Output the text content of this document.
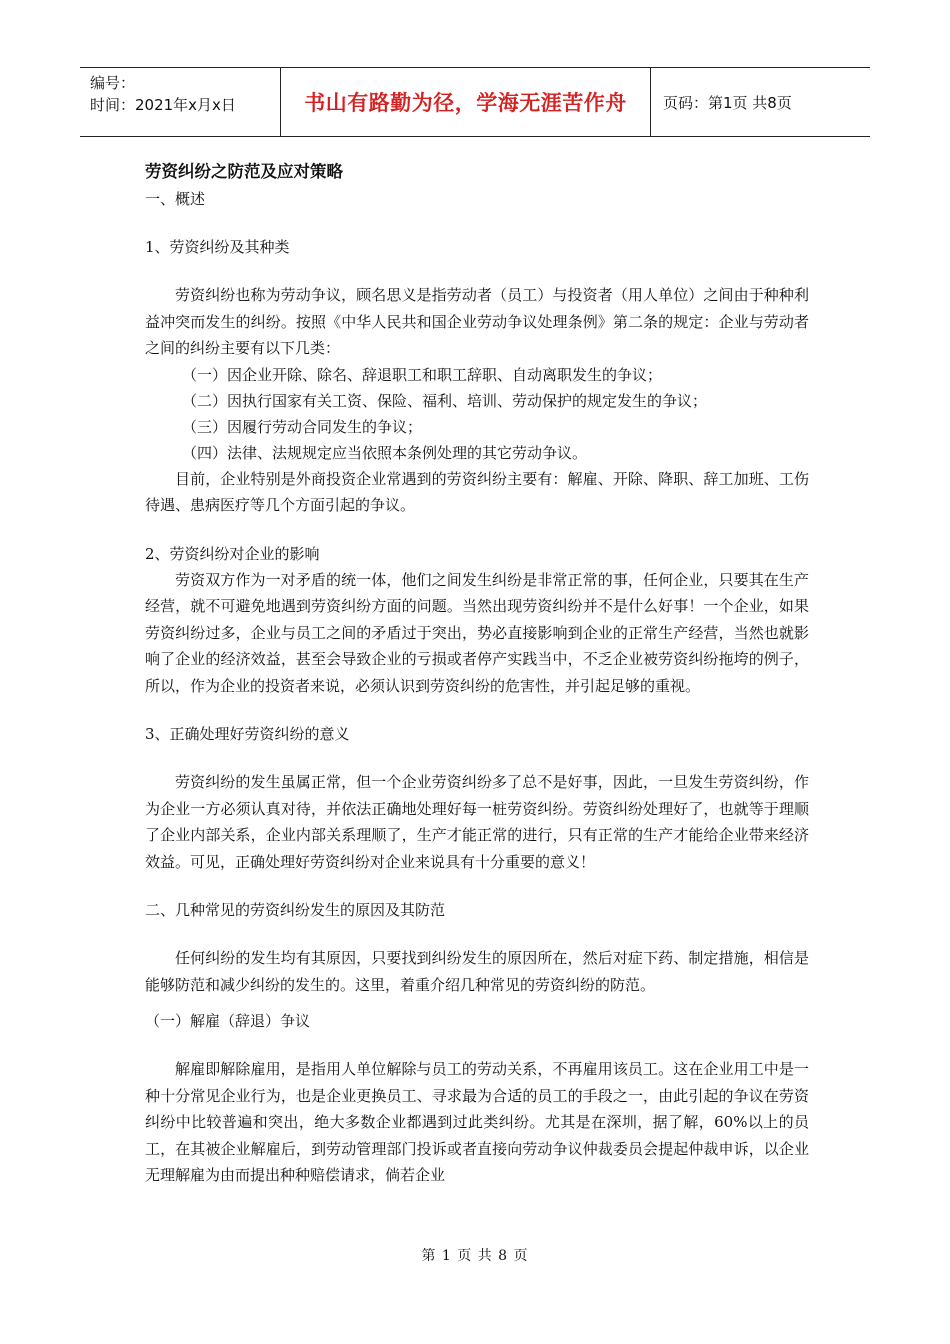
编号：
时间：2021年x月x日	书山有路勤为径，学海无涯苦作舟	页码：第1页 共8页
劳资纠纷之防范及应对策略
一、概述
1、劳资纠纷及其种类
劳资纠纷也称为劳动争议，顾名思义是指劳动者（员工）与投资者（用人单位）之间由于种种利益冲突而发生的纠纷。按照《中华人民共和国企业劳动争议处理条例》第二条的规定：企业与劳动者之间的纠纷主要有以下几类：
（一）因企业开除、除名、辞退职工和职工辞职、自动离职发生的争议；
（二）因执行国家有关工资、保险、福利、培训、劳动保护的规定发生的争议；
（三）因履行劳动合同发生的争议；
（四）法律、法规规定应当依照本条例处理的其它劳动争议。
目前，企业特别是外商投资企业常遇到的劳资纠纷主要有：解雇、开除、降职、辞工加班、工伤待遇、患病医疗等几个方面引起的争议。
2、劳资纠纷对企业的影响
劳资双方作为一对矛盾的统一体，他们之间发生纠纷是非常正常的事，任何企业，只要其在生产经营，就不可避免地遇到劳资纠纷方面的问题。当然出现劳资纠纷并不是什么好事！一个企业，如果劳资纠纷过多，企业与员工之间的矛盾过于突出，势必直接影响到企业的正常生产经营，当然也就影响了企业的经济效益，甚至会导致企业的亏损或者停产实践当中，不乏企业被劳资纠纷拖垮的例子，所以，作为企业的投资者来说，必须认识到劳资纠纷的危害性，并引起足够的重视。
3、正确处理好劳资纠纷的意义
劳资纠纷的发生虽属正常，但一个企业劳资纠纷多了总不是好事，因此，一旦发生劳资纠纷，作为企业一方必须认真对待，并依法正确地处理好每一桩劳资纠纷。劳资纠纷处理好了，也就等于理顺了企业内部关系，企业内部关系理顺了，生产才能正常的进行，只有正常的生产才能给企业带来经济效益。可见，正确处理好劳资纠纷对企业来说具有十分重要的意义！
二、几种常见的劳资纠纷发生的原因及其防范
任何纠纷的发生均有其原因，只要找到纠纷发生的原因所在，然后对症下药、制定措施，相信是能够防范和减少纠纷的发生的。这里，着重介绍几种常见的劳资纠纷的防范。
（一）解雇（辞退）争议
解雇即解除雇用，是指用人单位解除与员工的劳动关系，不再雇用该员工。这在企业用工中是一种十分常见企业行为，也是企业更换员工、寻求最为合适的员工的手段之一，由此引起的争议在劳资纠纷中比较普遍和突出，绝大多数企业都遇到过此类纠纷。尤其是在深圳，据了解，60%以上的员工，在其被企业解雇后，到劳动管理部门投诉或者直接向劳动争议仲裁委员会提起仲裁申诉，以企业无理解雇为由而提出种种赔偿请求，倘若企业
第 1 页 共 8 页
